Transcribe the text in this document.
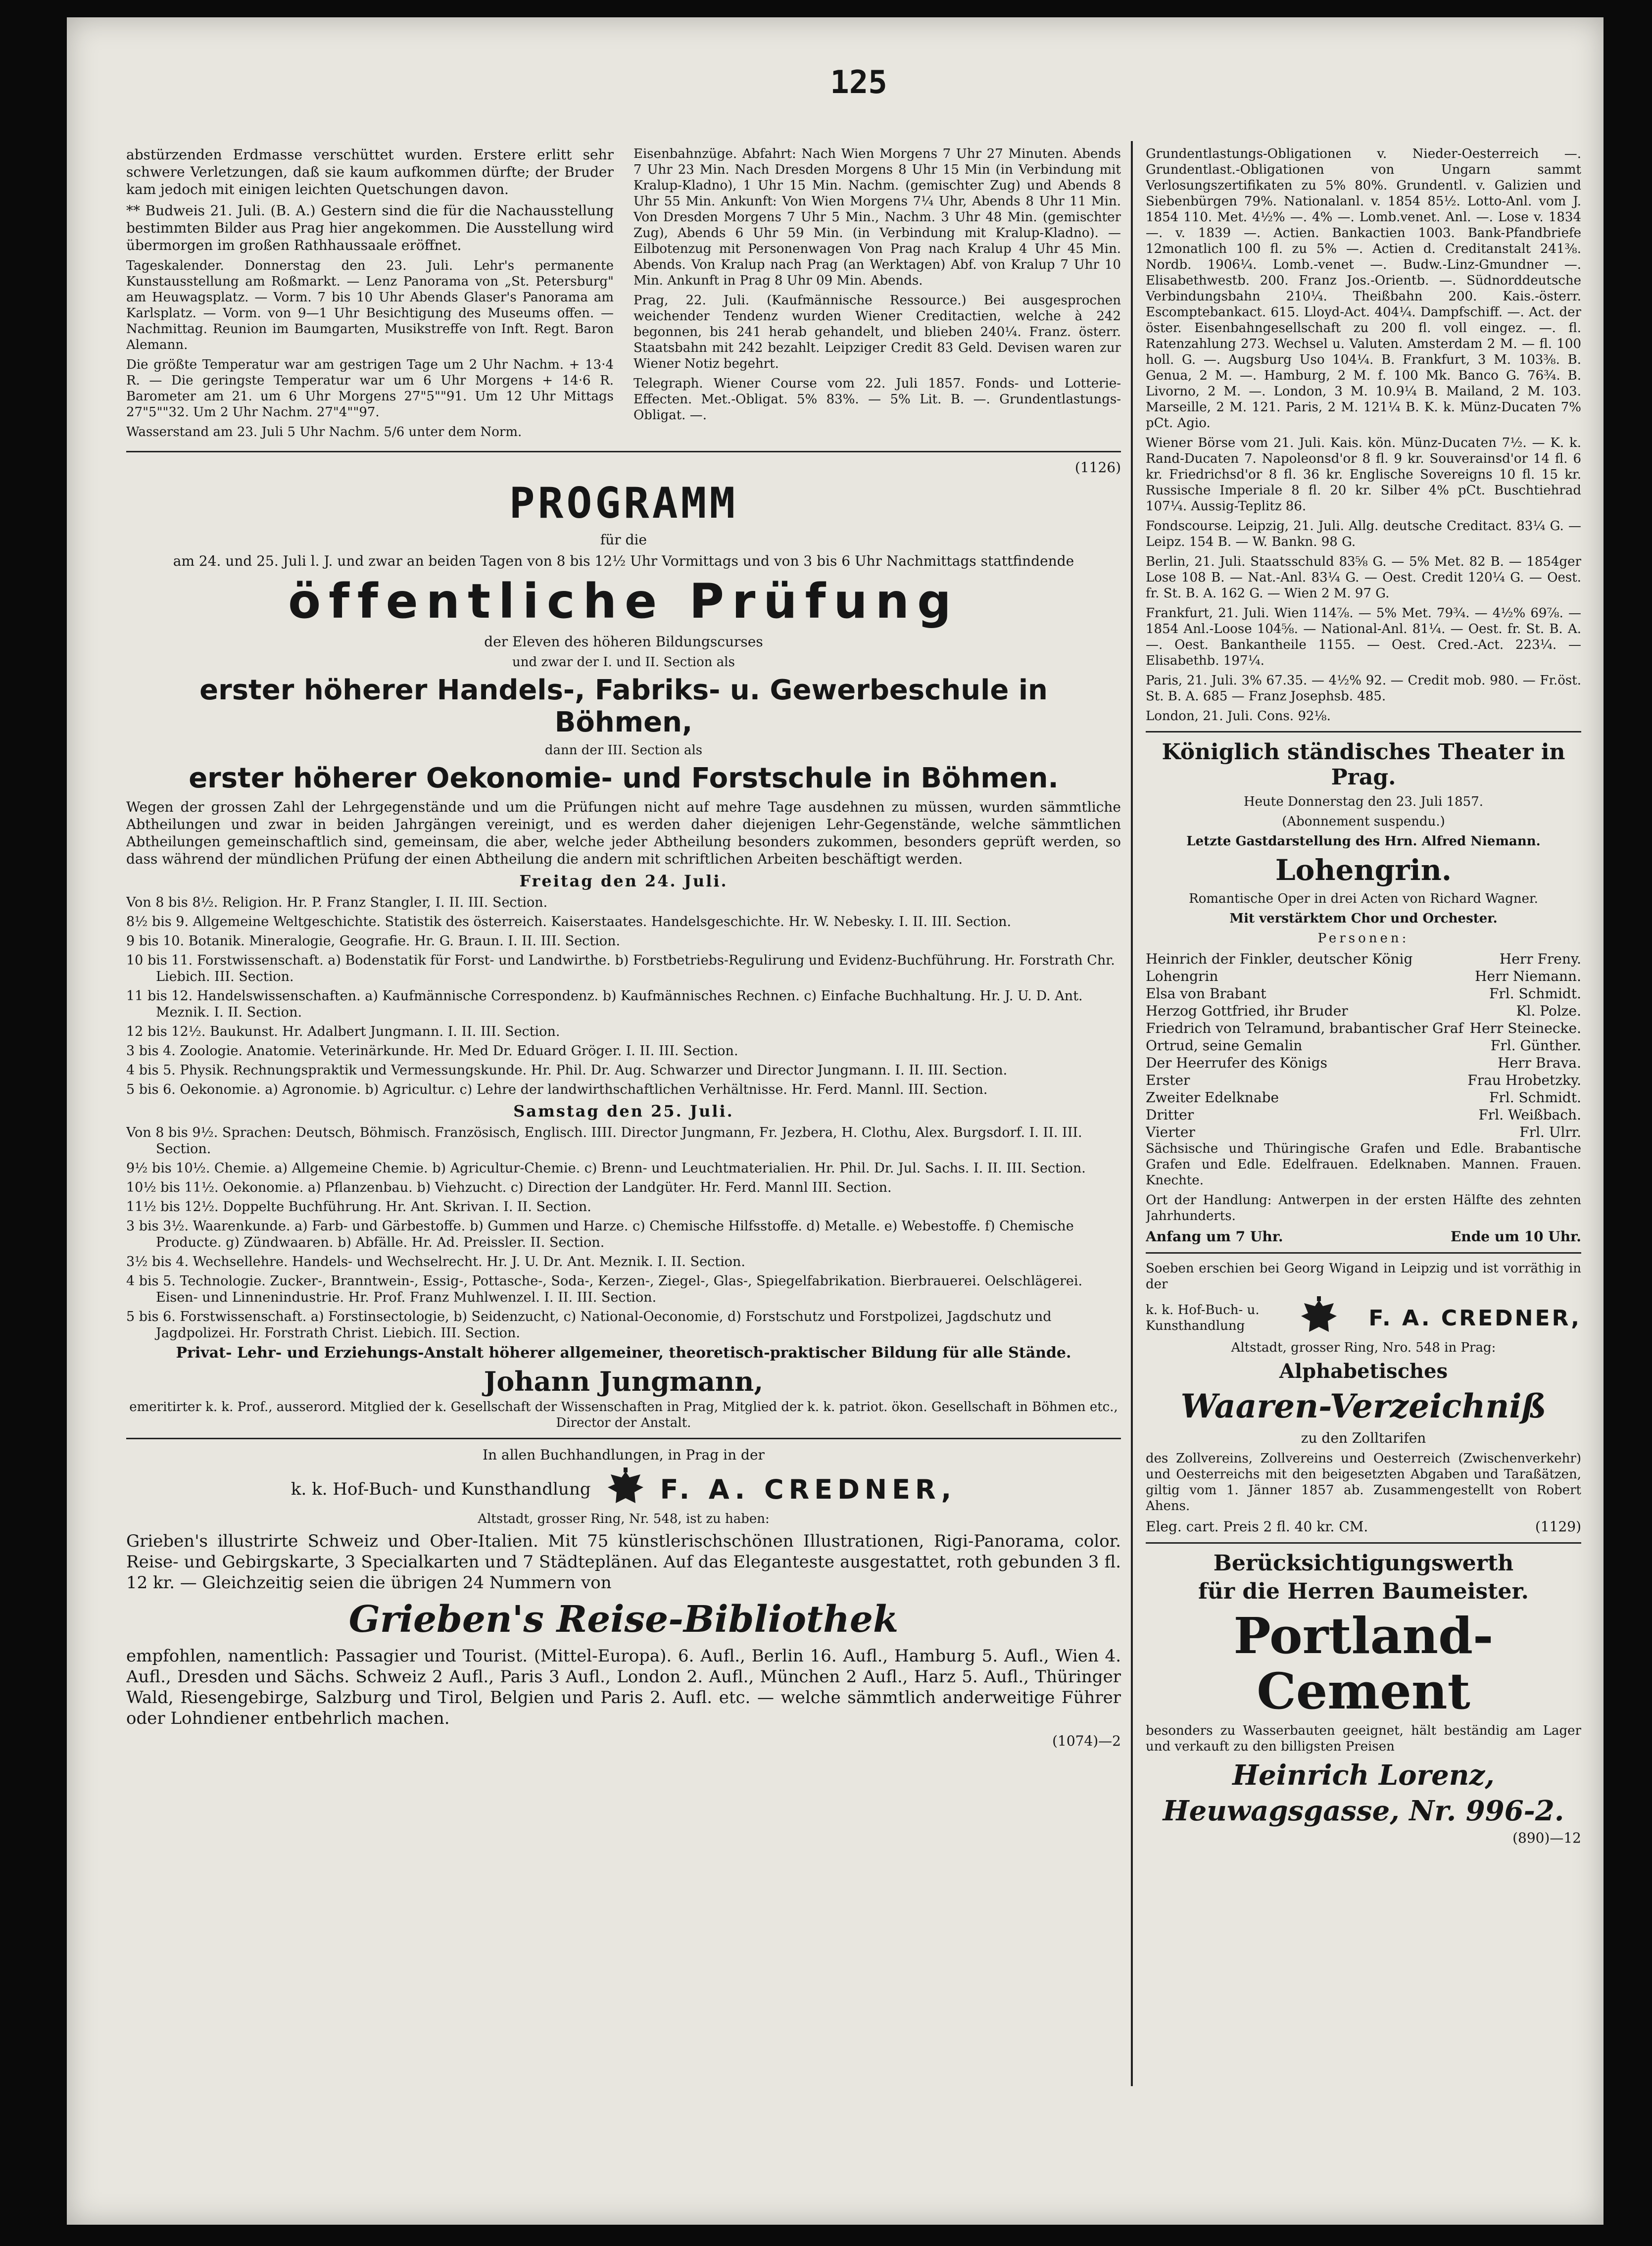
125

abstürzenden Erdmasse verschüttet wurden. Erstere erlitt sehr schwere Verletzungen, daß sie kaum aufkommen dürfte; der Bruder kam jedoch mit einigen leichten Quetschungen davon.

** Budweis 21. Juli. (B. A.) Gestern sind die für die Nachausstellung bestimmten Bilder aus Prag hier angekommen. Die Ausstellung wird übermorgen im großen Rathhaussaale eröffnet.

Tageskalender. Donnerstag den 23. Juli. Lehr's permanente Kunstausstellung am Roßmarkt. — Lenz Panorama von „St. Petersburg" am Heuwagsplatz. — Vorm. 7 bis 10 Uhr Abends Glaser's Panorama am Karlsplatz. — Vorm. von 9—1 Uhr Besichtigung des Museums offen. — Nachmittag. Reunion im Baumgarten, Musikstreffe von Inft. Regt. Baron Alemann.

Die größte Temperatur war am gestrigen Tage um 2 Uhr Nachm. + 13·4 R. — Die geringste Temperatur war um 6 Uhr Morgens + 14·6 R. Barometer am 21. um 6 Uhr Morgens 27"5""91. Um 12 Uhr Mittags 27"5""32. Um 2 Uhr Nachm. 27"4""97.

Wasserstand am 23. Juli 5 Uhr Nachm. 5/6 unter dem Norm.

Eisenbahnzüge. Abfahrt: Nach Wien Morgens 7 Uhr 27 Minuten. Abends 7 Uhr 23 Min. Nach Dresden Morgens 8 Uhr 15 Min (in Verbindung mit Kralup-Kladno), 1 Uhr 15 Min. Nachm. (gemischter Zug) und Abends 8 Uhr 55 Min. Ankunft: Von Wien Morgens 7¼ Uhr, Abends 8 Uhr 11 Min. Von Dresden Morgens 7 Uhr 5 Min., Nachm. 3 Uhr 48 Min. (gemischter Zug), Abends 6 Uhr 59 Min. (in Verbindung mit Kralup-Kladno). — Eilbotenzug mit Personenwagen Von Prag nach Kralup 4 Uhr 45 Min. Abends. Von Kralup nach Prag (an Werktagen) Abf. von Kralup 7 Uhr 10 Min. Ankunft in Prag 8 Uhr 09 Min. Abends.

Prag, 22. Juli. (Kaufmännische Ressource.) Bei ausgesprochen weichender Tendenz wurden Wiener Creditactien, welche à 242 begonnen, bis 241 herab gehandelt, und blieben 240¼. Franz. österr. Staatsbahn mit 242 bezahlt. Leipziger Credit 83 Geld. Devisen waren zur Wiener Notiz begehrt.

Telegraph. Wiener Course vom 22. Juli 1857. Fonds- und Lotterie-Effecten. Met.-Obligat. 5% 83%. — 5% Lit. B. —. Grundentlastungs-Obligat. —.

(1126)
PROGRAMM

für die

am 24. und 25. Juli l. J. und zwar an beiden Tagen von 8 bis 12½ Uhr Vormittags und von 3 bis 6 Uhr Nachmittags stattfindende

öffentliche Prüfung

der Eleven des höheren Bildungscurses

und zwar der I. und II. Section als

erster höherer Handels-, Fabriks- u. Gewerbeschule in Böhmen,

dann der III. Section als

erster höherer Oekonomie- und Forstschule in Böhmen.

Wegen der grossen Zahl der Lehrgegenstände und um die Prüfungen nicht auf mehre Tage ausdehnen zu müssen, wurden sämmtliche Abtheilungen und zwar in beiden Jahrgängen vereinigt, und es werden daher diejenigen Lehr-Gegenstände, welche sämmtlichen Abtheilungen gemeinschaftlich sind, gemeinsam, die aber, welche jeder Abtheilung besonders zukommen, besonders geprüft werden, so dass während der mündlichen Prüfung der einen Abtheilung die andern mit schriftlichen Arbeiten beschäftigt werden.

Freitag den 24. Juli.
Von 8 bis 8½. Religion. Hr. P. Franz Stangler, I. II. III. Section.
8½ bis 9. Allgemeine Weltgeschichte. Statistik des österreich. Kaiserstaates. Handelsgeschichte. Hr. W. Nebesky. I. II. III. Section.
9 bis 10. Botanik. Mineralogie, Geografie. Hr. G. Braun. I. II. III. Section.
10 bis 11. Forstwissenschaft. a) Bodenstatik für Forst- und Landwirthe. b) Forstbetriebs-Regulirung und Evidenz-Buchführung. Hr. Forstrath Chr. Liebich. III. Section.
11 bis 12. Handelswissenschaften. a) Kaufmännische Correspondenz. b) Kaufmännisches Rechnen. c) Einfache Buchhaltung. Hr. J. U. D. Ant. Meznik. I. II. Section.
12 bis 12½. Baukunst. Hr. Adalbert Jungmann. I. II. III. Section.
3 bis 4. Zoologie. Anatomie. Veterinärkunde. Hr. Med Dr. Eduard Gröger. I. II. III. Section.
4 bis 5. Physik. Rechnungspraktik und Vermessungskunde. Hr. Phil. Dr. Aug. Schwarzer und Director Jungmann. I. II. III. Section.
5 bis 6. Oekonomie. a) Agronomie. b) Agricultur. c) Lehre der landwirthschaftlichen Verhältnisse. Hr. Ferd. Mannl. III. Section.
Samstag den 25. Juli.
Von 8 bis 9½. Sprachen: Deutsch, Böhmisch. Französisch, Englisch. IIII. Director Jungmann, Fr. Jezbera, H. Clothu, Alex. Burgsdorf. I. II. III. Section.
9½ bis 10½. Chemie. a) Allgemeine Chemie. b) Agricultur-Chemie. c) Brenn- und Leuchtmaterialien. Hr. Phil. Dr. Jul. Sachs. I. II. III. Section.
10½ bis 11½. Oekonomie. a) Pflanzenbau. b) Viehzucht. c) Direction der Landgüter. Hr. Ferd. Mannl III. Section.
11½ bis 12½. Doppelte Buchführung. Hr. Ant. Skrivan. I. II. Section.
3 bis 3½. Waarenkunde. a) Farb- und Gärbestoffe. b) Gummen und Harze. c) Chemische Hilfsstoffe. d) Metalle. e) Webestoffe. f) Chemische Producte. g) Zündwaaren. b) Abfälle. Hr. Ad. Preissler. II. Section.
3½ bis 4. Wechsellehre. Handels- und Wechselrecht. Hr. J. U. Dr. Ant. Meznik. I. II. Section.
4 bis 5. Technologie. Zucker-, Branntwein-, Essig-, Pottasche-, Soda-, Kerzen-, Ziegel-, Glas-, Spiegelfabrikation. Bierbrauerei. Oelschlägerei. Eisen- und Linnenindustrie. Hr. Prof. Franz Muhlwenzel. I. II. III. Section.
5 bis 6. Forstwissenschaft. a) Forstinsectologie, b) Seidenzucht, c) National-Oeconomie, d) Forstschutz und Forstpolizei, Jagdschutz und Jagdpolizei. Hr. Forstrath Christ. Liebich. III. Section.

Privat- Lehr- und Erziehungs-Anstalt höherer allgemeiner, theoretisch-praktischer Bildung für alle Stände.

Johann Jungmann,

emeritirter k. k. Prof., ausserord. Mitglied der k. Gesellschaft der Wissenschaften in Prag, Mitglied der k. k. patriot. ökon. Gesellschaft in Böhmen etc., Director der Anstalt.

In allen Buchhandlungen, in Prag in der

k. k. Hof-Buch- und Kunsthandlung	F. A. CREDNER,

Altstadt, grosser Ring, Nr. 548, ist zu haben:

Grieben's illustrirte Schweiz und Ober-Italien. Mit 75 künstlerischschönen Illustrationen, Rigi-Panorama, color. Reise- und Gebirgskarte, 3 Specialkarten und 7 Städteplänen. Auf das Eleganteste ausgestattet, roth gebunden 3 fl. 12 kr. — Gleichzeitig seien die übrigen 24 Nummern von

Grieben's Reise-Bibliothek

empfohlen, namentlich: Passagier und Tourist. (Mittel-Europa). 6. Aufl., Berlin 16. Aufl., Hamburg 5. Aufl., Wien 4. Aufl., Dresden und Sächs. Schweiz 2 Aufl., Paris 3 Aufl., London 2. Aufl., München 2 Aufl., Harz 5. Aufl., Thüringer Wald, Riesengebirge, Salzburg und Tirol, Belgien und Paris 2. Aufl. etc. — welche sämmtlich anderweitige Führer oder Lohndiener entbehrlich machen.

(1074)—2

Grundentlastungs-Obligationen v. Nieder-Oesterreich —. Grundentlast.-Obligationen von Ungarn sammt Verlosungszertifikaten zu 5% 80%. Grundentl. v. Galizien und Siebenbürgen 79%. Nationalanl. v. 1854 85½. Lotto-Anl. vom J. 1854 110. Met. 4½% —. 4% —. Lomb.venet. Anl. —. Lose v. 1834 —. v. 1839 —. Actien. Bankactien 1003. Bank-Pfandbriefe 12monatlich 100 fl. zu 5% —. Actien d. Creditanstalt 241⅜. Nordb. 1906¼. Lomb.-venet —. Budw.-Linz-Gmundner —. Elisabethwestb. 200. Franz Jos.-Orientb. —. Südnorddeutsche Verbindungsbahn 210¼. Theißbahn 200. Kais.-österr. Escomptebankact. 615. Lloyd-Act. 404¼. Dampfschiff. —. Act. der öster. Eisenbahngesellschaft zu 200 fl. voll eingez. —. fl. Ratenzahlung 273. Wechsel u. Valuten. Amsterdam 2 M. — fl. 100 holl. G. —. Augsburg Uso 104¼. B. Frankfurt, 3 M. 103⅜. B. Genua, 2 M. —. Hamburg, 2 M. f. 100 Mk. Banco G. 76¾. B. Livorno, 2 M. —. London, 3 M. 10.9¼ B. Mailand, 2 M. 103. Marseille, 2 M. 121. Paris, 2 M. 121¼ B. K. k. Münz-Ducaten 7% pCt. Agio.

Wiener Börse vom 21. Juli. Kais. kön. Münz-Ducaten 7½. — K. k. Rand-Ducaten 7. Napoleonsd'or 8 fl. 9 kr. Souverainsd'or 14 fl. 6 kr. Friedrichsd'or 8 fl. 36 kr. Englische Sovereigns 10 fl. 15 kr. Russische Imperiale 8 fl. 20 kr. Silber 4% pCt. Buschtiehrad 107¼. Aussig-Teplitz 86.

Fondscourse. Leipzig, 21. Juli. Allg. deutsche Creditact. 83¼ G. — Leipz. 154 B. — W. Bankn. 98 G.

Berlin, 21. Juli. Staatsschuld 83⅝ G. — 5% Met. 82 B. — 1854ger Lose 108 B. — Nat.-Anl. 83¼ G. — Oest. Credit 120¼ G. — Oest. fr. St. B. A. 162 G. — Wien 2 M. 97 G.

Frankfurt, 21. Juli. Wien 114⅞. — 5% Met. 79¾. — 4½% 69⅞. — 1854 Anl.-Loose 104⅝. — National-Anl. 81¼. — Oest. fr. St. B. A. —. Oest. Bankantheile 1155. — Oest. Cred.-Act. 223¼. — Elisabethb. 197¼.

Paris, 21. Juli. 3% 67.35. — 4½% 92. — Credit mob. 980. — Fr.öst. St. B. A. 685 — Franz Josephsb. 485.

London, 21. Juli. Cons. 92⅛.

Königlich ständisches Theater in Prag.

Heute Donnerstag den 23. Juli 1857.

(Abonnement suspendu.)

Letzte Gastdarstellung des Hrn. Alfred Niemann.

Lohengrin.

Romantische Oper in drei Acten von Richard Wagner.

Mit verstärktem Chor und Orchester.

Personen:

Heinrich der Finkler, deutscher König	Herr Freny.
Lohengrin	Herr Niemann.
Elsa von Brabant	Frl. Schmidt.
Herzog Gottfried, ihr Bruder	Kl. Polze.
Friedrich von Telramund, brabantischer Graf Herr Steinecke.
Ortrud, seine Gemalin	Frl. Günther.
Der Heerrufer des Königs	Herr Brava.
Erster	Frau Hrobetzky.
Zweiter Edelknabe	Frl. Schmidt.
Dritter	Frl. Weißbach.
Vierter	Frl. Ulrr.

Sächsische und Thüringische Grafen und Edle. Brabantische Grafen und Edle. Edelfrauen. Edelknaben. Mannen. Frauen. Knechte.

Ort der Handlung: Antwerpen in der ersten Hälfte des zehnten Jahrhunderts.

Anfang um 7 Uhr.	Ende um 10 Uhr.

Soeben erschien bei Georg Wigand in Leipzig und ist vorräthig in der

k. k. Hof-Buch- u. Kunsthandlung	F. A. CREDNER,

Altstadt, grosser Ring, Nro. 548 in Prag:

Alphabetisches
Waaren-Verzeichniß

zu den Zolltarifen

des Zollvereins, Zollvereins und Oesterreich (Zwischenverkehr) und Oesterreichs mit den beigesetzten Abgaben und Taraßätzen, giltig vom 1. Jänner 1857 ab. Zusammengestellt von Robert Ahens.

Eleg. cart. Preis 2 fl. 40 kr. CM.	(1129)
Berücksichtigungswerth
für die Herren Baumeister.
Portland-Cement

besonders zu Wasserbauten geeignet, hält beständig am Lager und verkauft zu den billigsten Preisen

Heinrich Lorenz,
Heuwagsgasse, Nr. 996-2.
(890)—12
